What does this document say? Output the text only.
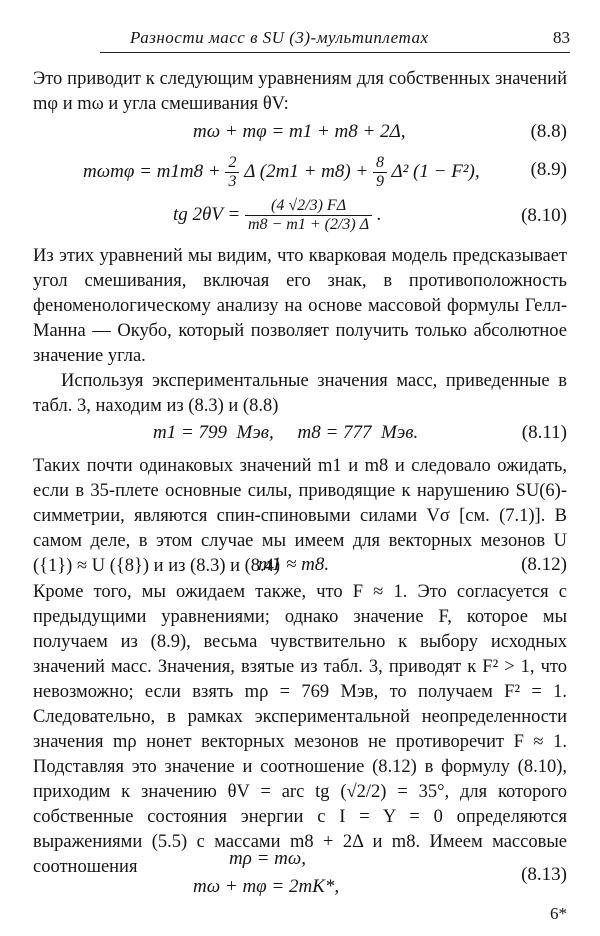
Разности масс в SU (3)-мультиплетах	83
Это приводит к следующим уравнениям для собственных значений mφ и mω и угла смешивания θV:
mω + mφ = m1 + m8 + 2Δ,	(8.8)
$m\omega m\varphi = m1m8 + \frac{2}{3}$ Δ $(2m1 + m8) + \frac{8}{9} \Delta^2$ (1 − F²),	(8.9)
tg $2\theta V = \frac{(4 √2/3) F\Delta}{m8 - m1 + (2/3) \Delta}$ .	(8.10)
Из этих уравнений мы видим, что кварковая модель предсказывает угол смешивания, включая его знак, в противоположность феноменологическому анализу на основе массовой формулы Гелл-Манна — Окубо, который позволяет получить только абсолютное значение угла.
Используя экспериментальные значения масс, приведенные в табл. 3, находим из (8.3) и (8.8)
m1 = 799  Мэв,     m8 = 777  Мэв.	(8.11)
Таких почти одинаковых значений m1 и m8 и следовало ожидать, если в 35-плете основные силы, приводящие к нарушению SU(6)-симметрии, являются спин-спиновыми силами Vσ [см. (7.1)]. В самом деле, в этом случае мы имеем для векторных мезонов U ({1}) ≈ U ({8}) и из (8.3) и (8.4)
m1 ≈ m8.	(8.12)
Кроме того, мы ожидаем также, что F ≈ 1. Это согласуется с предыдущими уравнениями; однако значение F, которое мы получаем из (8.9), весьма чувствительно к выбору исходных значений масс. Значения, взятые из табл. 3, приводят к F² > 1, что невозможно; если взять mρ = 769 Мэв, то получаем F² = 1. Следовательно, в рамках экспериментальной неопределенности значения mρ нонет векторных мезонов не противоречит F ≈ 1. Подставляя это значение и соотношение (8.12) в формулу (8.10), приходим к значению θV = arc tg (√2/2) = 35°, для которого собственные состояния энергии с I = Y = 0 определяются выражениями (5.5) с массами m8 + 2Δ и m8. Имеем массовые соотношения	mρ = mω,
mω + mφ = 2mK*,
(8.13)
6*
